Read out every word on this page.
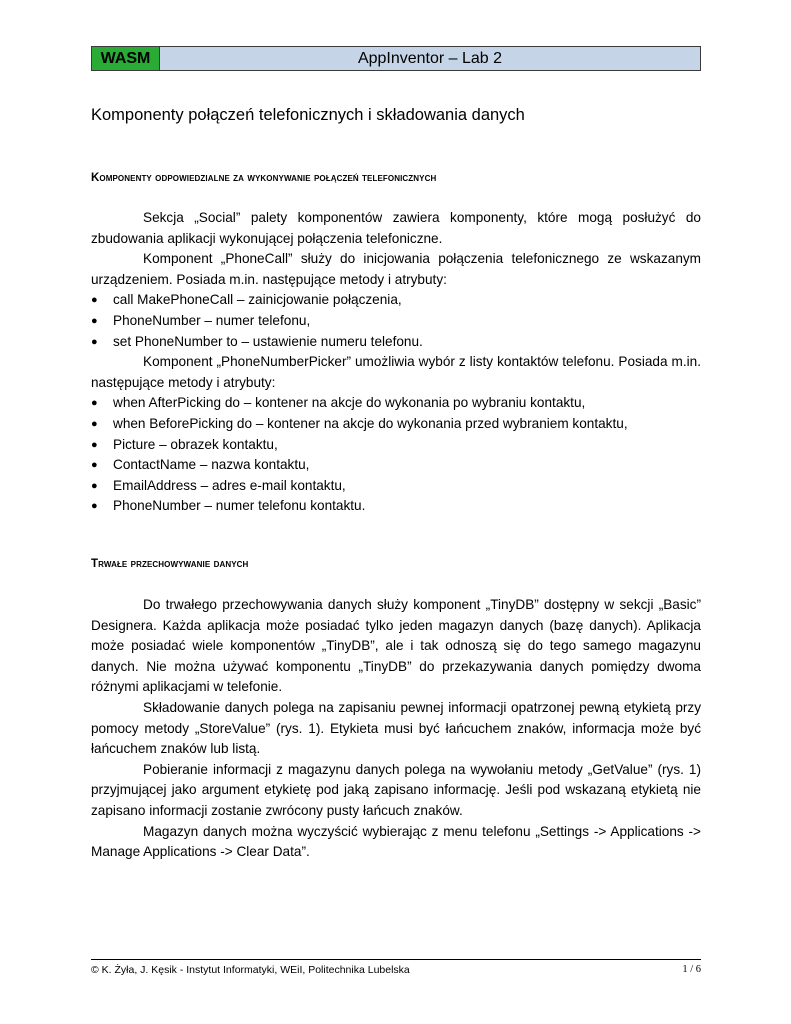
WASM	AppInventor – Lab 2
Komponenty połączeń telefonicznych i składowania danych
Komponenty odpowiedzialne za wykonywanie połączeń telefonicznych

Sekcja „Social” palety komponentów zawiera komponenty, które mogą posłużyć do zbudowania aplikacji wykonującej połączenia telefoniczne.

Komponent „PhoneCall” służy do inicjowania połączenia telefonicznego ze wskazanym urządzeniem. Posiada m.in. następujące metody i atrybuty:

● call MakePhoneCall – zainicjowanie połączenia,
● PhoneNumber – numer telefonu,
● set PhoneNumber to – ustawienie numeru telefonu.

Komponent „PhoneNumberPicker” umożliwia wybór z listy kontaktów telefonu. Posiada m.in. następujące metody i atrybuty:

● when AfterPicking do – kontener na akcje do wykonania po wybraniu kontaktu,
● when BeforePicking do – kontener na akcje do wykonania przed wybraniem kontaktu,
● Picture – obrazek kontaktu,
● ContactName – nazwa kontaktu,
● EmailAddress – adres e-mail kontaktu,
● PhoneNumber – numer telefonu kontaktu.
Trwałe przechowywanie danych

Do trwałego przechowywania danych służy komponent „TinyDB” dostępny w sekcji „Basic” Designera. Każda aplikacja może posiadać tylko jeden magazyn danych (bazę danych). Aplikacja może posiadać wiele komponentów „TinyDB”, ale i tak odnoszą się do tego samego magazynu danych. Nie można używać komponentu „TinyDB” do przekazywania danych pomiędzy dwoma różnymi aplikacjami w telefonie.

Składowanie danych polega na zapisaniu pewnej informacji opatrzonej pewną etykietą przy pomocy metody „StoreValue” (rys. 1). Etykieta musi być łańcuchem znaków, informacja może być łańcuchem znaków lub listą.

Pobieranie informacji z magazynu danych polega na wywołaniu metody „GetValue” (rys. 1) przyjmującej jako argument etykietę pod jaką zapisano informację. Jeśli pod wskazaną etykietą nie zapisano informacji zostanie zwrócony pusty łańcuch znaków.

Magazyn danych można wyczyścić wybierając z menu telefonu „Settings -> Applications -> Manage Applications -> Clear Data”.

© K. Żyła, J. Kęsik - Instytut Informatyki, WEiI, Politechnika Lubelska	1 / 6
